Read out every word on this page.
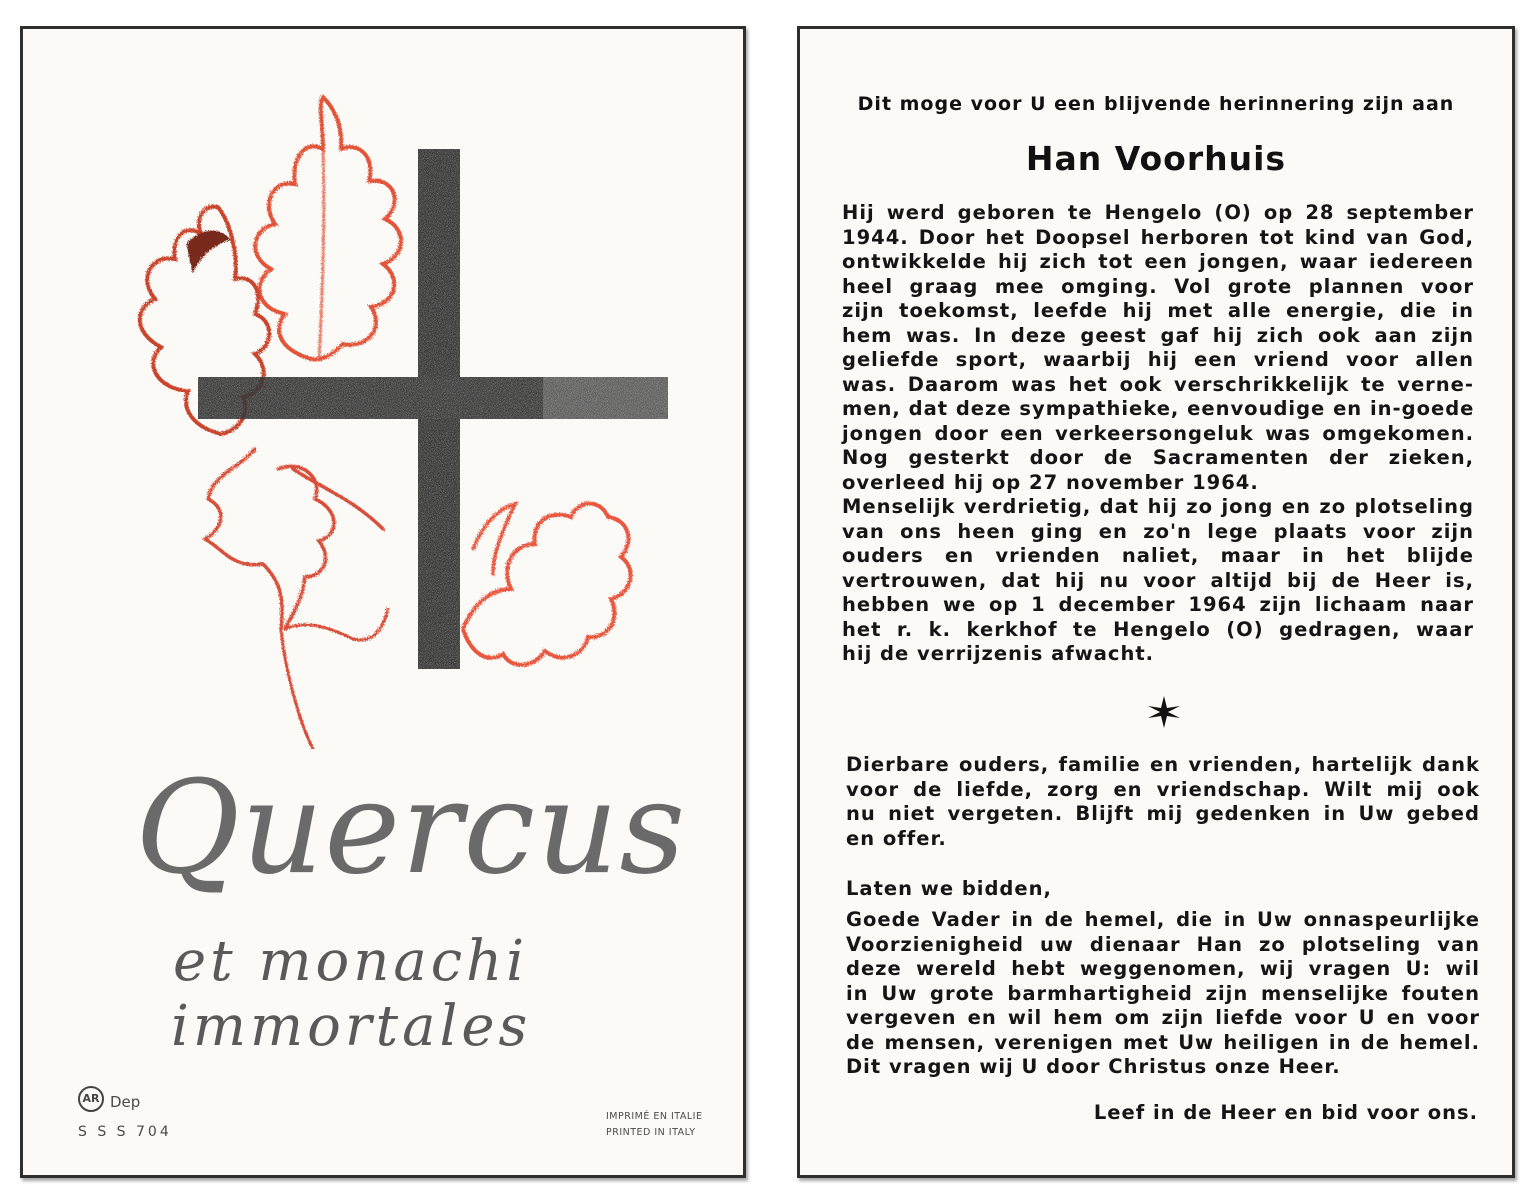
Quercus
et monachi
immortales
AR Dep
S S S 704
IMPRIMÉ EN ITALIE
PRINTED IN ITALY
Dit moge voor U een blijvende herinnering zijn aan
Han Voorhuis
Hij werd geboren te Hengelo (O) op 28 september
1944. Door het Doopsel herboren tot kind van God,
ontwikkelde hij zich tot een jongen, waar iedereen
heel graag mee omging. Vol grote plannen voor
zijn toekomst, leefde hij met alle energie, die in
hem was. In deze geest gaf hij zich ook aan zijn
geliefde sport, waarbij hij een vriend voor allen
was. Daarom was het ook verschrikkelijk te verne-
men, dat deze sympathieke, eenvoudige en in-goede
jongen door een verkeersongeluk was omgekomen.
Nog gesterkt door de Sacramenten der zieken,
overleed hij op 27 november 1964.
Menselijk verdrietig, dat hij zo jong en zo plotseling
van ons heen ging en zo'n lege plaats voor zijn
ouders en vrienden naliet, maar in het blijde
vertrouwen, dat hij nu voor altijd bij de Heer is,
hebben we op 1 december 1964 zijn lichaam naar
het r. k. kerkhof te Hengelo (O) gedragen, waar
hij de verrijzenis afwacht.
Dierbare ouders, familie en vrienden, hartelijk dank
voor de liefde, zorg en vriendschap. Wilt mij ook
nu niet vergeten. Blijft mij gedenken in Uw gebed
en offer.
Laten we bidden,
Goede Vader in de hemel, die in Uw onnaspeurlijke
Voorzienigheid uw dienaar Han zo plotseling van
deze wereld hebt weggenomen, wij vragen U: wil
in Uw grote barmhartigheid zijn menselijke fouten
vergeven en wil hem om zijn liefde voor U en voor
de mensen, verenigen met Uw heiligen in de hemel.
Dit vragen wij U door Christus onze Heer.
Leef in de Heer en bid voor ons.
